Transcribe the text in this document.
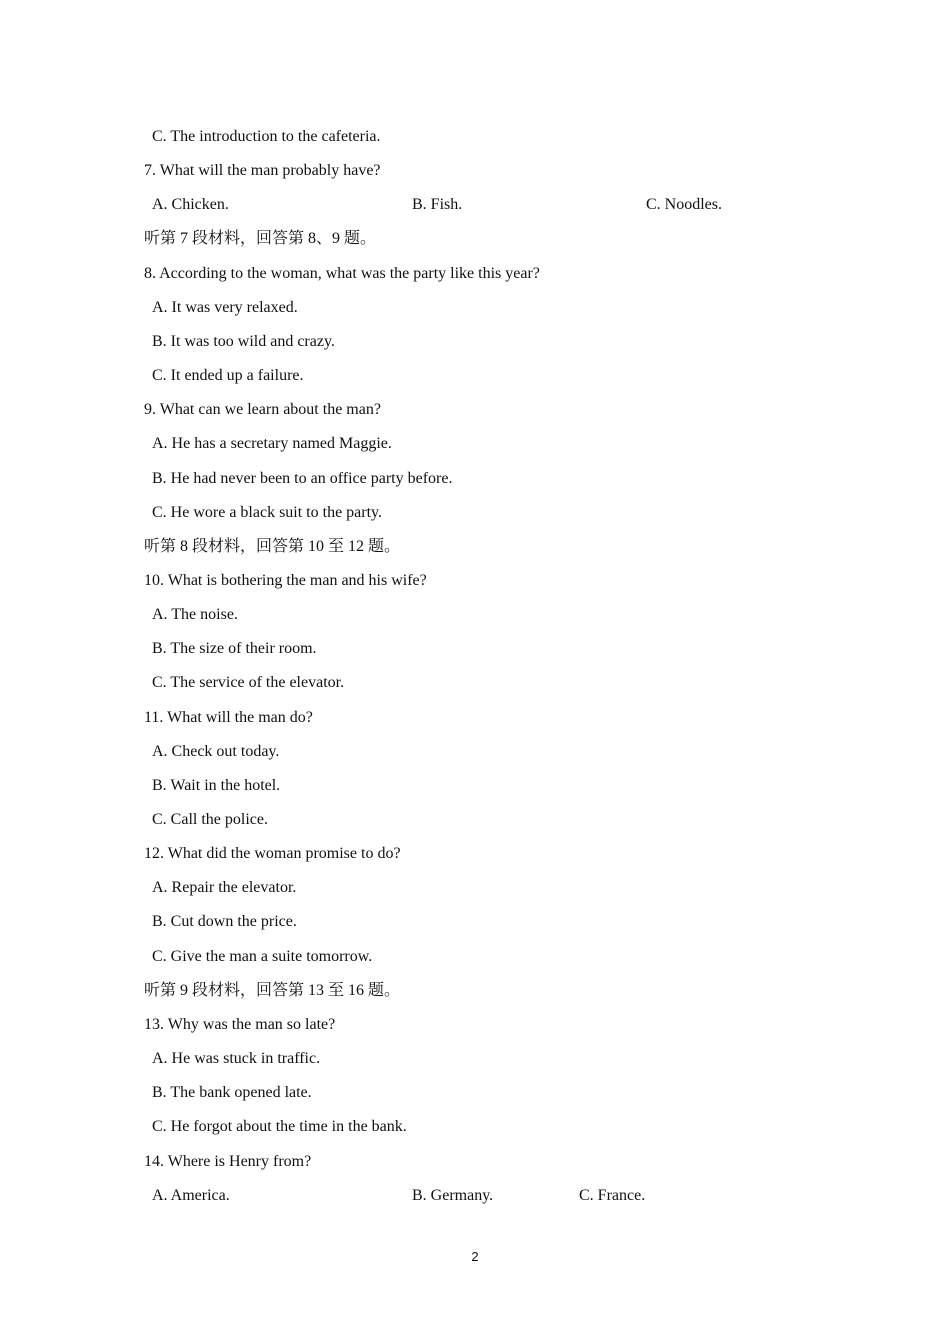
C. The introduction to the cafeteria.
7. What will the man probably have?
A. Chicken.	B. Fish.	C. Noodles.
听第 7 段材料，回答第 8、9 题。
8. According to the woman, what was the party like this year?
A. It was very relaxed.
B. It was too wild and crazy.
C. It ended up a failure.
9. What can we learn about the man?
A. He has a secretary named Maggie.
B. He had never been to an office party before.
C. He wore a black suit to the party.
听第 8 段材料，回答第 10 至 12 题。
10. What is bothering the man and his wife?
A. The noise.
B. The size of their room.
C. The service of the elevator.
11. What will the man do?
A. Check out today.
B. Wait in the hotel.
C. Call the police.
12. What did the woman promise to do?
A. Repair the elevator.
B. Cut down the price.
C. Give the man a suite tomorrow.
听第 9 段材料，回答第 13 至 16 题。
13. Why was the man so late?
A. He was stuck in traffic.
B. The bank opened late.
C. He forgot about the time in the bank.
14. Where is Henry from?
A. America.	B. Germany.	C. France.
2
